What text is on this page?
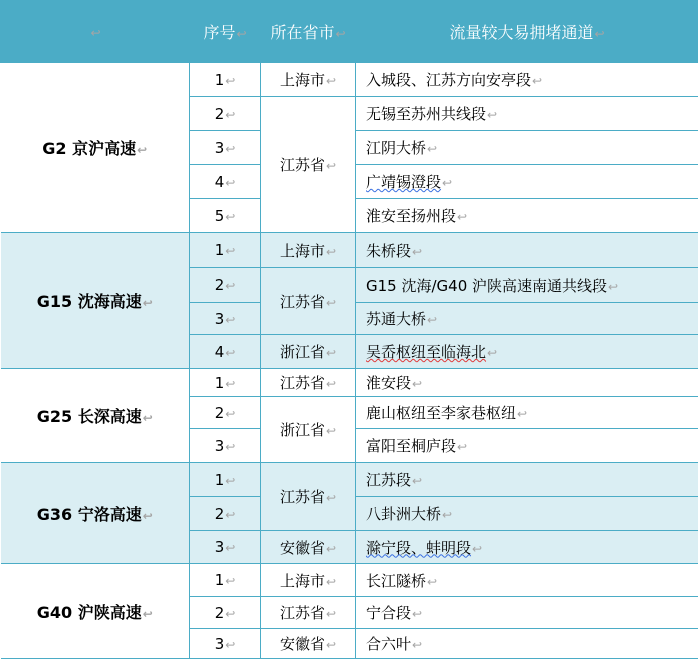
↩	序号↩	所在省市↩	流量较大易拥堵通道↩
G2 京沪高速↩	1↩	上海市↩	入城段、江苏方向安亭段↩
	2↩	江苏省↩	无锡至苏州共线段↩
	3↩		江阴大桥↩
	4↩		广靖锡澄段↩
	5↩		淮安至扬州段↩
G15 沈海高速↩	1↩	上海市↩	朱桥段↩
	2↩	江苏省↩	G15 沈海/G40 沪陕高速南通共线段↩
	3↩		苏通大桥↩
	4↩	浙江省↩	吴岙枢纽至临海北↩
G25 长深高速↩	1↩	江苏省↩	淮安段↩
	2↩	浙江省↩	鹿山枢纽至李家巷枢纽↩
	3↩		富阳至桐庐段↩
G36 宁洛高速↩	1↩	江苏省↩	江苏段↩
	2↩		八卦洲大桥↩
	3↩	安徽省↩	滁宁段、蚌明段↩
G40 沪陕高速↩	1↩	上海市↩	长江隧桥↩
	2↩	江苏省↩	宁合段↩
	3↩	安徽省↩	合六叶↩
